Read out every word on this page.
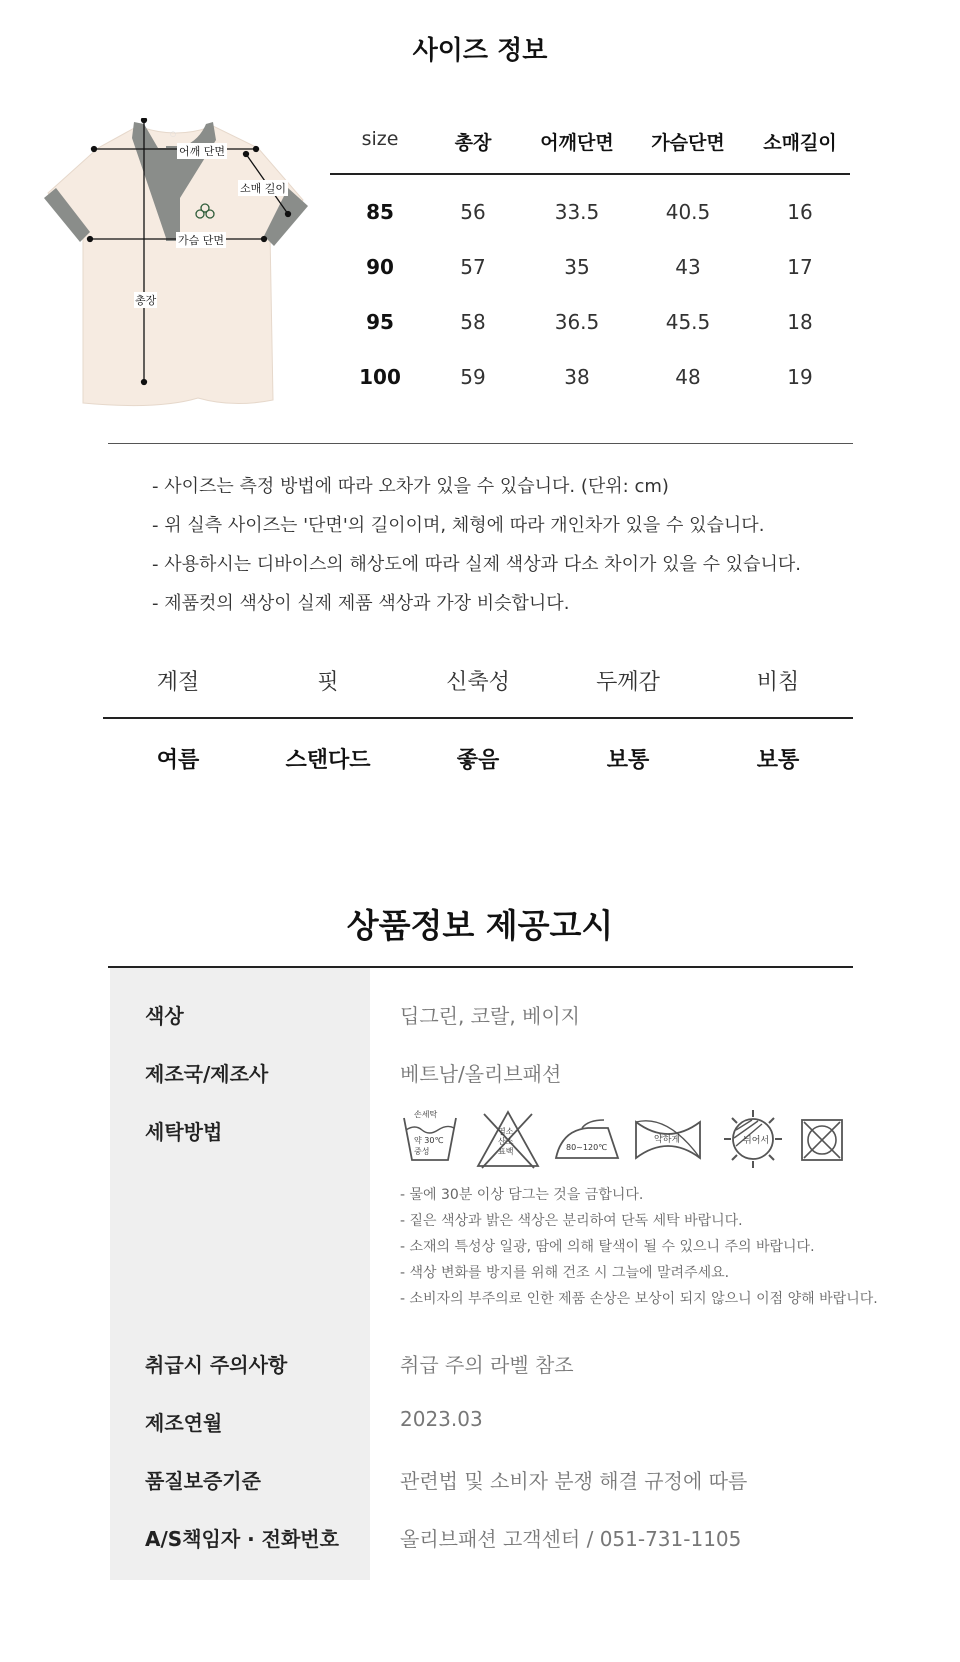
사이즈 정보
○
어깨 단면
소매 길이
가슴 단면
총장
size	총장	어깨단면	가슴단면	소매길이
85	56	33.5	40.5	16
90	57	35	43	17
95	58	36.5	45.5	18
100	59	38	48	19
- 사이즈는 측정 방법에 따라 오차가 있을 수 있습니다. (단위: cm)
- 위 실측 사이즈는 '단면'의 길이이며, 체형에 따라 개인차가 있을 수 있습니다.
- 사용하시는 디바이스의 해상도에 따라 실제 색상과 다소 차이가 있을 수 있습니다.
- 제품컷의 색상이 실제 제품 색상과 가장 비슷합니다.
계절	핏	신축성	두께감	비침
여름	스탠다드	좋음	보통	보통
상품정보 제공고시
색상	딥그린, 코랄, 베이지
제조국/제조사	베트남/올리브패션
세탁방법
손세탁
약 30℃
중성
염소
산소
표백	80~120℃
약하게	뉘어서
- 물에 30분 이상 담그는 것을 금합니다.
- 짙은 색상과 밝은 색상은 분리하여 단독 세탁 바랍니다.
- 소재의 특성상 일광, 땀에 의해 탈색이 될 수 있으니 주의 바랍니다.
- 색상 변화를 방지를 위해 건조 시 그늘에 말려주세요.
- 소비자의 부주의로 인한 제품 손상은 보상이 되지 않으니 이점 양해 바랍니다.
취급시 주의사항	취급 주의 라벨 참조
제조연월	2023.03
품질보증기준	관련법 및 소비자 분쟁 해결 규정에 따름
A/S책임자 · 전화번호	올리브패션 고객센터 / 051-731-1105
